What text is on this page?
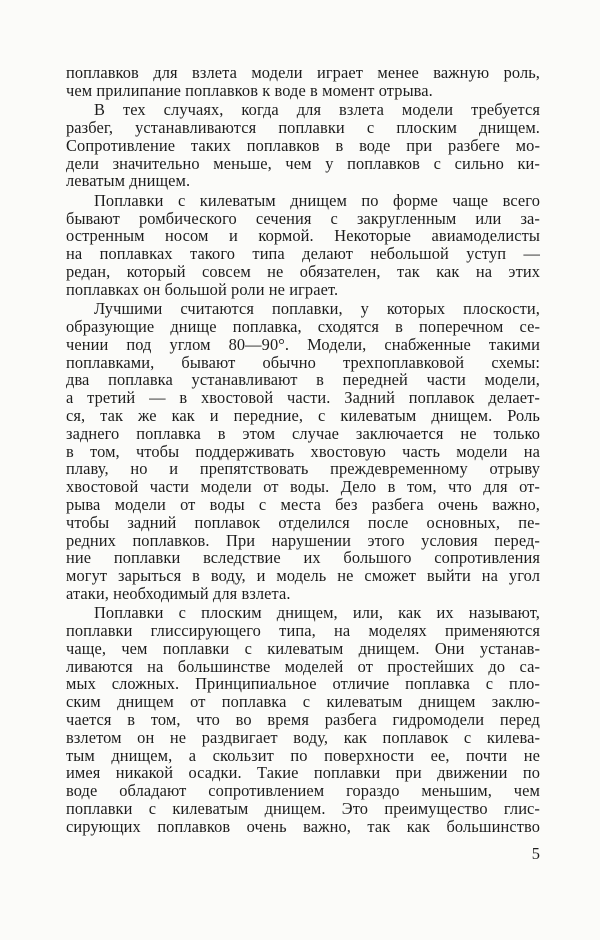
поплавков для взлета модели играет менее важную роль,
чем прилипание поплавков к воде в момент отрыва.
В тех случаях, когда для взлета модели требуется
разбег, устанавливаются поплавки с плоским днищем.
Сопротивление таких поплавков в воде при разбеге мо-
дели значительно меньше, чем у поплавков с сильно ки-
леватым днищем.
Поплавки с килеватым днищем по форме чаще всего
бывают ромбического сечения с закругленным или за-
остренным носом и кормой. Некоторые авиамоделисты
на поплавках такого типа делают небольшой уступ —
редан, который совсем не обязателен, так как на этих
поплавках он большой роли не играет.
Лучшими считаются поплавки, у которых плоскости,
образующие днище поплавка, сходятся в поперечном се-
чении под углом 80—90°. Модели, снабженные такими
поплавками, бывают обычно трехпоплавковой схемы:
два поплавка устанавливают в передней части модели,
а третий — в хвостовой части. Задний поплавок делает-
ся, так же как и передние, с килеватым днищем. Роль
заднего поплавка в этом случае заключается не только
в том, чтобы поддерживать хвостовую часть модели на
плаву, но и препятствовать преждевременному отрыву
хвостовой части модели от воды. Дело в том, что для от-
рыва модели от воды с места без разбега очень важно,
чтобы задний поплавок отделился после основных, пе-
редних поплавков. При нарушении этого условия перед-
ние поплавки вследствие их большого сопротивления
могут зарыться в воду, и модель не сможет выйти на угол
атаки, необходимый для взлета.
Поплавки с плоским днищем, или, как их называют,
поплавки глиссирующего типа, на моделях применяются
чаще, чем поплавки с килеватым днищем. Они устанав-
ливаются на большинстве моделей от простейших до са-
мых сложных. Принципиальное отличие поплавка с пло-
ским днищем от поплавка с килеватым днищем заклю-
чается в том, что во время разбега гидромодели перед
взлетом он не раздвигает воду, как поплавок с килева-
тым днищем, а скользит по поверхности ее, почти не
имея никакой осадки. Такие поплавки при движении по
воде обладают сопротивлением гораздо меньшим, чем
поплавки с килеватым днищем. Это преимущество глис-
сирующих поплавков очень важно, так как большинство
5
